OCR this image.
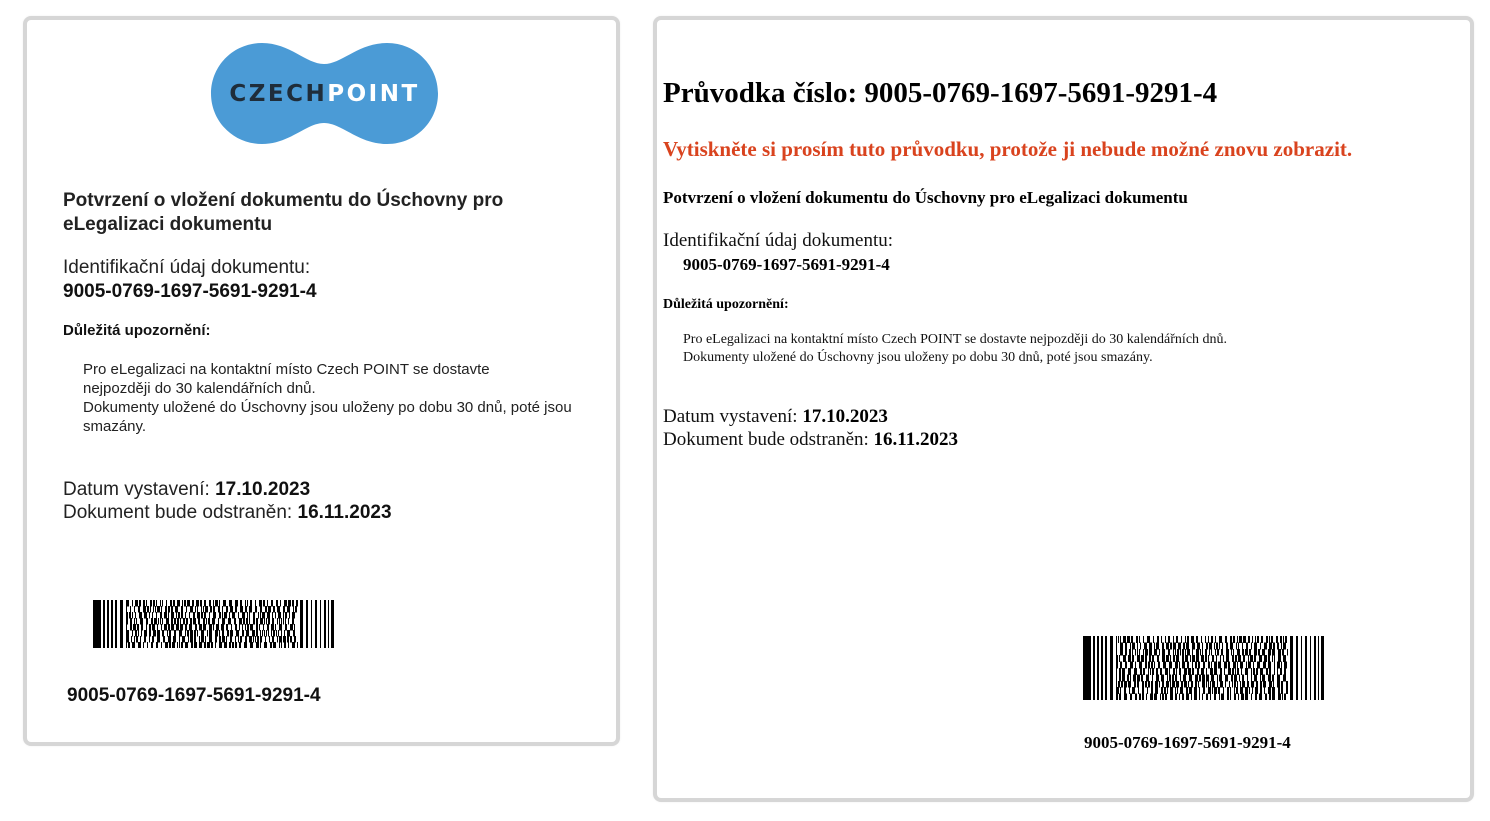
CZECH POINT
Potvrzení o vložení dokumentu do Úschovny pro eLegalizaci dokumentu
Identifikační údaj dokumentu:
9005-0769-1697-5691-9291-4
Důležitá upozornění:
Pro eLegalizaci na kontaktní místo Czech POINT se dostavte nejpozději do 30 kalendářních dnů.
Dokumenty uložené do Úschovny jsou uloženy po dobu 30 dnů, poté jsou smazány.
Datum vystavení: 17.10.2023
Dokument bude odstraněn: 16.11.2023
9005-0769-1697-5691-9291-4
Průvodka číslo: 9005-0769-1697-5691-9291-4
Vytiskněte si prosím tuto průvodku, protože ji nebude možné znovu zobrazit.
Potvrzení o vložení dokumentu do Úschovny pro eLegalizaci dokumentu
Identifikační údaj dokumentu:
9005-0769-1697-5691-9291-4
Důležitá upozornění:
Pro eLegalizaci na kontaktní místo Czech POINT se dostavte nejpozději do 30 kalendářních dnů.
Dokumenty uložené do Úschovny jsou uloženy po dobu 30 dnů, poté jsou smazány.
Datum vystavení: 17.10.2023
Dokument bude odstraněn: 16.11.2023
9005-0769-1697-5691-9291-4
